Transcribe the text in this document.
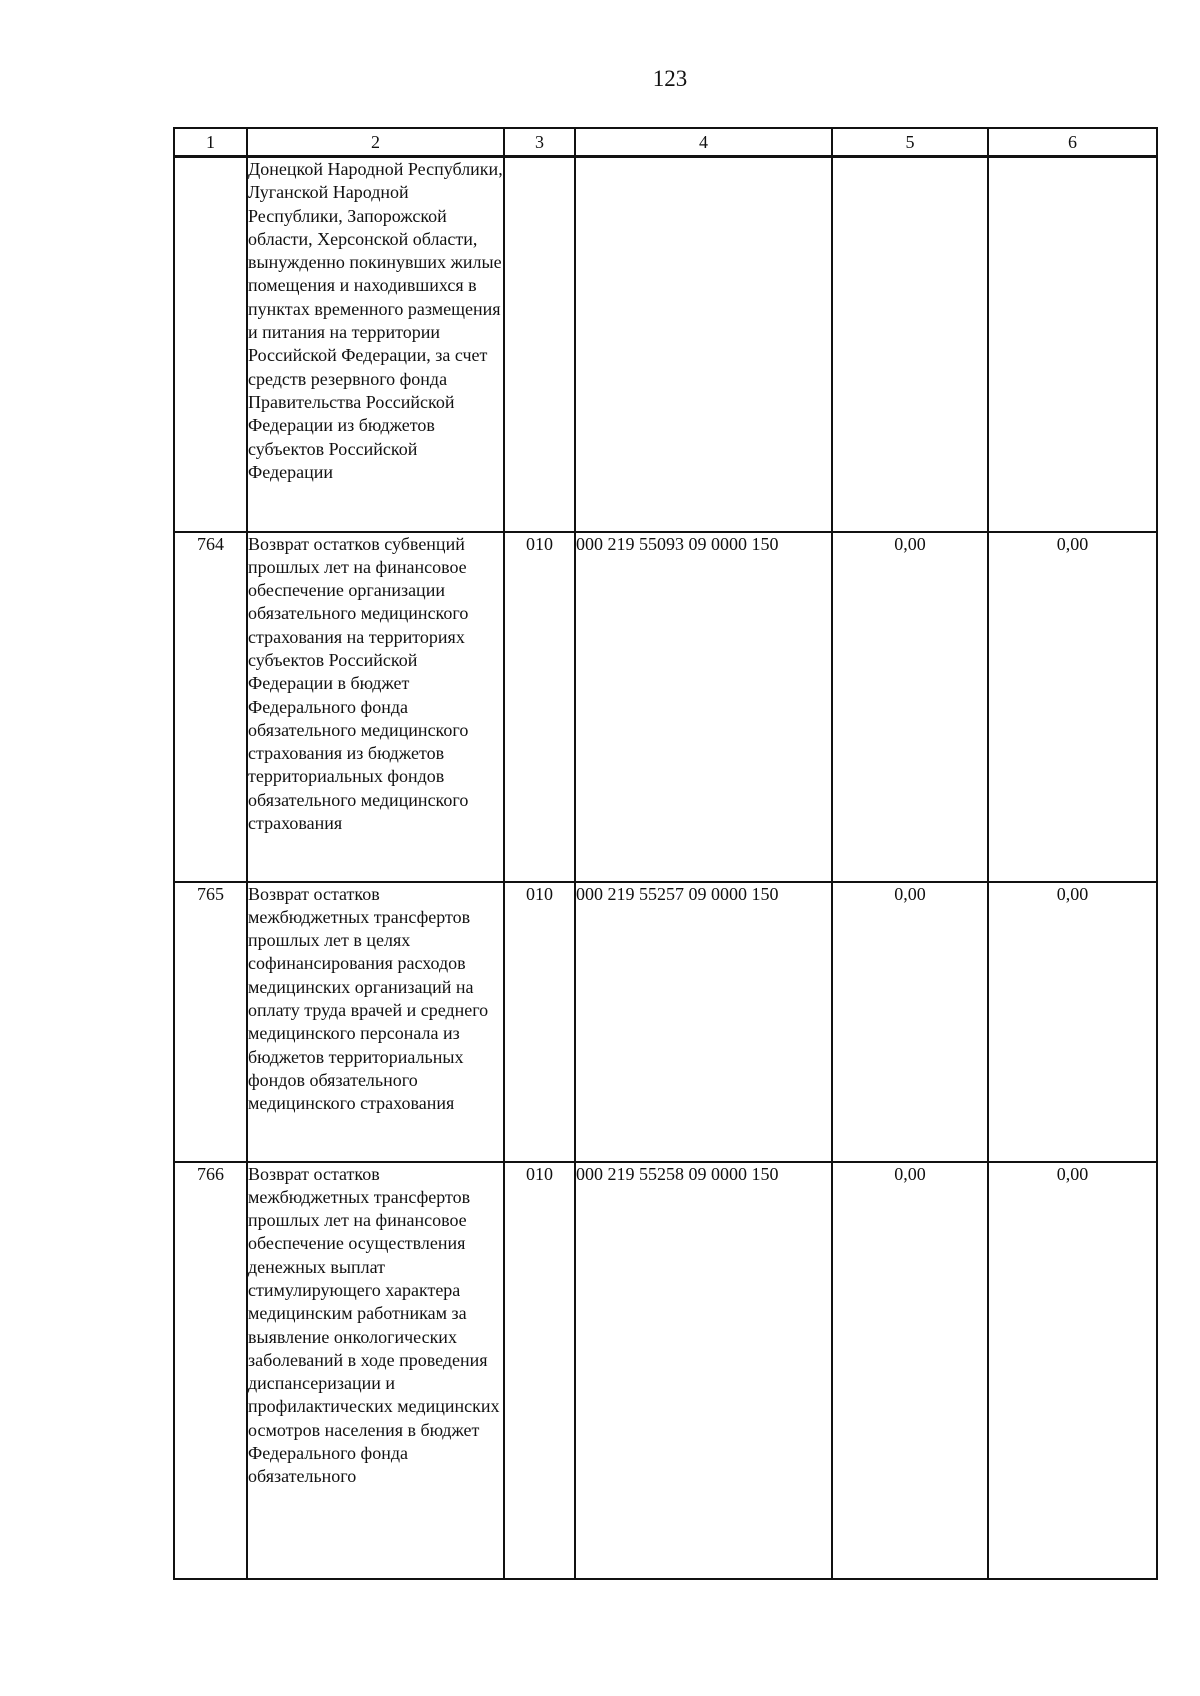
123
1	2	3	4	5	6

	Донецкой Народной Республики, Луганской Народной Республики, Запорожской области, Херсонской области, вынужденно покинувших жилые помещения и находившихся в пунктах временного размещения и питания на территории Российской Федерации, за счет средств резервного фонда Правительства Российской Федерации из бюджетов субъектов Российской Федерации				

764	Возврат остатков субвенций прошлых лет на финансовое обеспечение организации обязательного медицинского страхования на территориях субъектов Российской Федерации в бюджет Федерального фонда обязательного медицинского страхования из бюджетов территориальных фондов обязательного медицинского страхования	010	000 219 55093 09 0000 150	0,00	0,00
765	Возврат остатков межбюджетных трансфертов прошлых лет в целях софинансирования расходов медицинских организаций на оплату труда врачей и среднего медицинского персонала из бюджетов территориальных фондов обязательного медицинского страхования	010	000 219 55257 09 0000 150	0,00	0,00
766	Возврат остатков межбюджетных трансфертов прошлых лет на финансовое обеспечение осуществления денежных выплат стимулирующего характера медицинским работникам за выявление онкологических заболеваний в ходе проведения диспансеризации и профилактических медицинских осмотров населения в бюджет Федерального фонда обязательного	010	000 219 55258 09 0000 150	0,00	0,00
